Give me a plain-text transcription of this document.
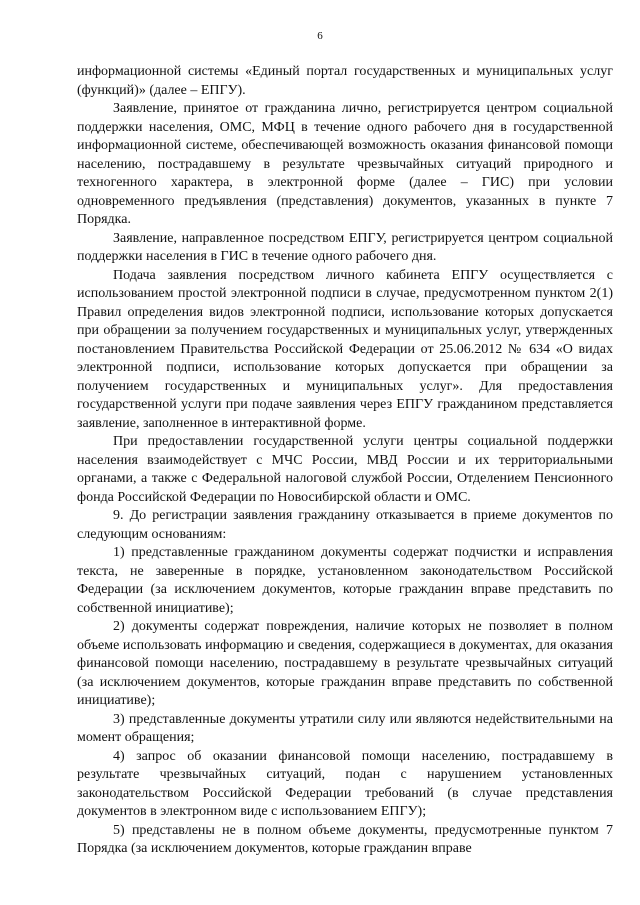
6

информационной системы «Единый портал государственных и муниципальных услуг (функций)» (далее – ЕПГУ).

Заявление, принятое от гражданина лично, регистрируется центром социальной поддержки населения, ОМС, МФЦ в течение одного рабочего дня в государственной информационной системе, обеспечивающей возможность оказания финансовой помощи населению, пострадавшему в результате чрезвычайных ситуаций природного и техногенного характера, в электронной форме (далее – ГИС) при условии одновременного предъявления (представления) документов, указанных в пункте 7 Порядка.

Заявление, направленное посредством ЕПГУ, регистрируется центром социальной поддержки населения в ГИС в течение одного рабочего дня.

Подача заявления посредством личного кабинета ЕПГУ осуществляется с использованием простой электронной подписи в случае, предусмотренном пунктом 2(1) Правил определения видов электронной подписи, использование которых допускается при обращении за получением государственных и муниципальных услуг, утвержденных постановлением Правительства Российской Федерации от 25.06.2012 № 634 «О видах электронной подписи, использование которых допускается при обращении за получением государственных и муниципальных услуг». Для предоставления государственной услуги при подаче заявления через ЕПГУ гражданином представляется заявление, заполненное в интерактивной форме.

При предоставлении государственной услуги центры социальной поддержки населения взаимодействует с МЧС России, МВД России и их территориальными органами, а также с Федеральной налоговой службой России, Отделением Пенсионного фонда Российской Федерации по Новосибирской области и ОМС.

9. До регистрации заявления гражданину отказывается в приеме документов по следующим основаниям:

1) представленные гражданином документы содержат подчистки и исправления текста, не заверенные в порядке, установленном законодательством Российской Федерации (за исключением документов, которые гражданин вправе представить по собственной инициативе);

2) документы содержат повреждения, наличие которых не позволяет в полном объеме использовать информацию и сведения, содержащиеся в документах, для оказания финансовой помощи населению, пострадавшему в результате чрезвычайных ситуаций (за исключением документов, которые гражданин вправе представить по собственной инициативе);

3) представленные документы утратили силу или являются недействительными на момент обращения;

4) запрос об оказании финансовой помощи населению, пострадавшему в результате чрезвычайных ситуаций, подан с нарушением установленных законодательством Российской Федерации требований (в случае представления документов в электронном виде с использованием ЕПГУ);

5) представлены не в полном объеме документы, предусмотренные пунктом 7 Порядка (за исключением документов, которые гражданин вправе
